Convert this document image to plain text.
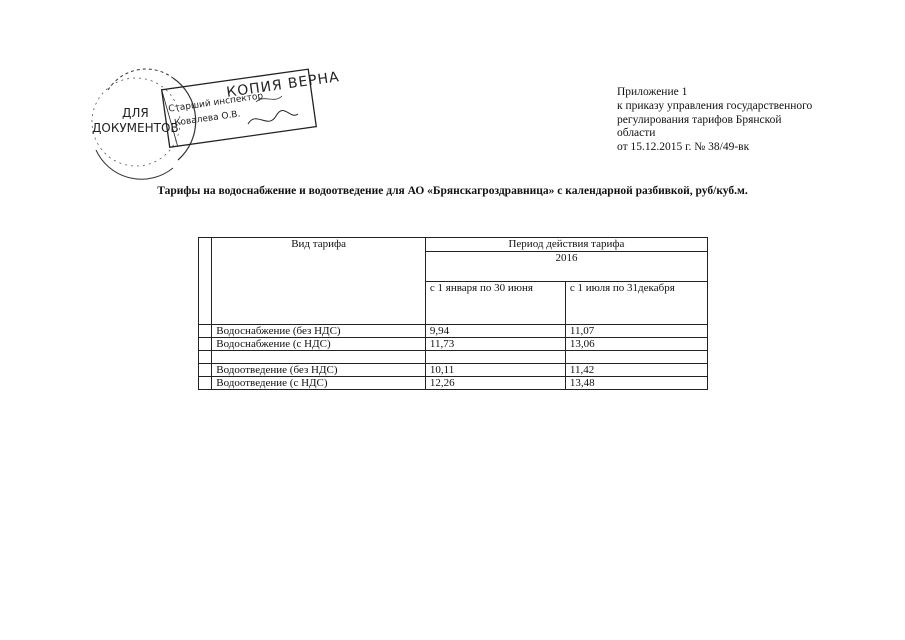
ДЛЯ
ДОКУМЕНТОВ
КОПИЯ ВЕРНА
Старший инспектор
Ковалева О.В.
Приложение 1
к приказу управления государственного
регулирования тарифов Брянской
области
от 15.12.2015 г. № 38/49-вк
Тарифы на водоснабжение и водоотведение для АО «Брянскагроздравница» с календарной разбивкой, руб/куб.м.
	Вид тарифа	Период действия тарифа	
		2016	
		с 1 января по 30 июня	с 1 июля по 31декабря
	Водоснабжение (без НДС)	9,94	11,07
	Водоснабжение (с НДС)	11,73	13,06

	Водоотведение (без НДС)	10,11	11,42
	Водоотведение (с НДС)	12,26	13,48
